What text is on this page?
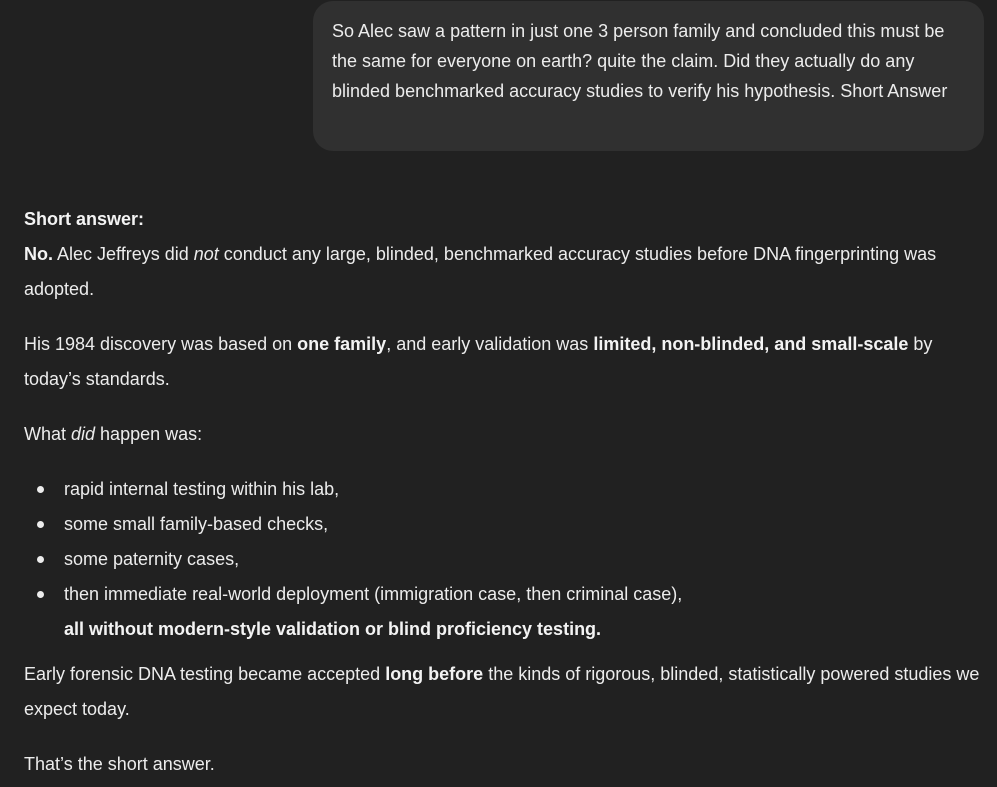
So Alec saw a pattern in just one 3 person family and concluded this must be the same for everyone on earth? quite the claim. Did they actually do any blinded benchmarked accuracy studies to verify his hypothesis. Short Answer

Short answer:

No. Alec Jeffreys did not conduct any large, blinded, benchmarked accuracy studies before DNA fingerprinting was adopted.

His 1984 discovery was based on one family, and early validation was limited, non-blinded, and small-scale by today’s standards.

What did happen was:

rapid internal testing within his lab,
some small family-based checks,
some paternity cases,
then immediate real-world deployment (immigration case, then criminal case),

all without modern-style validation or blind proficiency testing.

Early forensic DNA testing became accepted long before the kinds of rigorous, blinded, statistically powered studies we expect today.

That’s the short answer.
